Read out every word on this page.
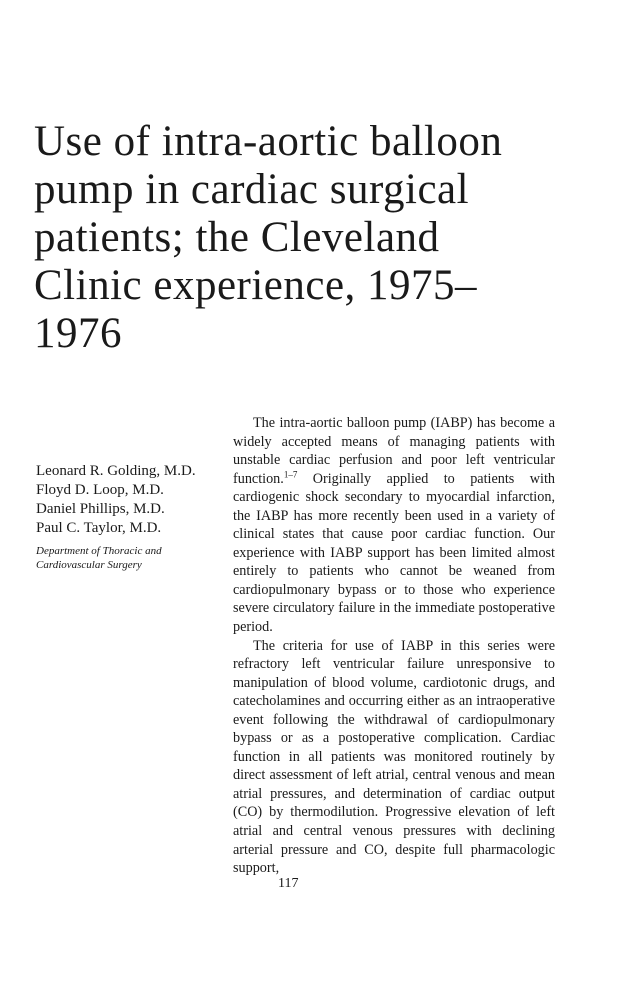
Use of intra-aortic balloon pump in cardiac surgical patients; the Cleveland Clinic experience, 1975–1976
Leonard R. Golding, M.D.
Floyd D. Loop, M.D.
Daniel Phillips, M.D.
Paul C. Taylor, M.D.
Department of Thoracic and
Cardiovascular Surgery

The intra-aortic balloon pump (IABP) has become a widely accepted means of managing patients with unstable cardiac perfusion and poor left ventricular function.$^{1-7}$ Originally applied to patients with cardiogenic shock secondary to myocardial infarction, the IABP has more recently been used in a variety of clinical states that cause poor cardiac function. Our experience with IABP support has been limited almost entirely to patients who cannot be weaned from cardiopulmonary bypass or to those who experience severe circulatory failure in the immediate postoperative period.

The criteria for use of IABP in this series were refractory left ventricular failure unresponsive to manipulation of blood volume, cardiotonic drugs, and catecholamines and occurring either as an intraoperative event following the withdrawal of cardiopulmonary bypass or as a postoperative complication. Cardiac function in all patients was monitored routinely by direct assessment of left atrial, central venous and mean atrial pressures, and determination of cardiac output (CO) by thermodilution. Progressive elevation of left atrial and central venous pressures with declining arterial pressure and CO, despite full pharmacologic support,

117
